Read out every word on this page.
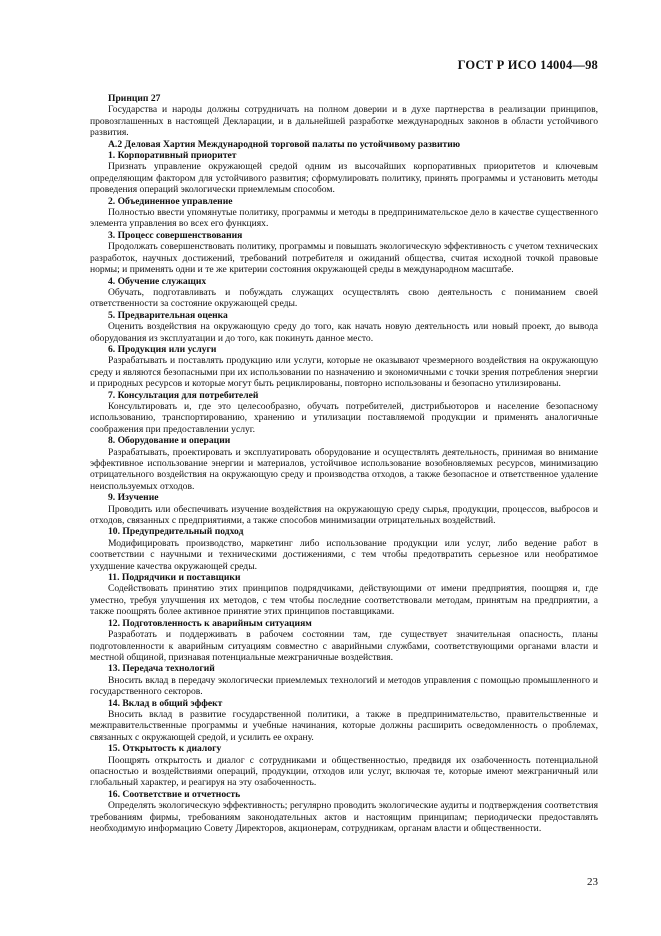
ГОСТ Р ИСО 14004—98

Принцип 27

Государства и народы должны сотрудничать на полном доверии и в духе партнерства в реализации принципов, провозглашенных в настоящей Декларации, и в дальнейшей разработке международных законов в области устойчивого развития.

А.2 Деловая Хартия Международной торговой палаты по устойчивому развитию

1. Корпоративный приоритет

Признать управление окружающей средой одним из высочайших корпоративных приоритетов и ключевым определяющим фактором для устойчивого развития; сформулировать политику, принять программы и установить методы проведения операций экологически приемлемым способом.

2. Объединенное управление

Полностью ввести упомянутые политику, программы и методы в предпринимательское дело в качестве существенного элемента управления во всех его функциях.

3. Процесс совершенствования

Продолжать совершенствовать политику, программы и повышать экологическую эффективность с учетом технических разработок, научных достижений, требований потребителя и ожиданий общества, считая исходной точкой правовые нормы; и применять одни и те же критерии состояния окружающей среды в международном масштабе.

4. Обучение служащих

Обучать, подготавливать и побуждать служащих осуществлять свою деятельность с пониманием своей ответственности за состояние окружающей среды.

5. Предварительная оценка

Оценить воздействия на окружающую среду до того, как начать новую деятельность или новый проект, до вывода оборудования из эксплуатации и до того, как покинуть данное место.

6. Продукция или услуги

Разрабатывать и поставлять продукцию или услуги, которые не оказывают чрезмерного воздействия на окружающую среду и являются безопасными при их использовании по назначению и экономичными с точки зрения потребления энергии и природных ресурсов и которые могут быть рециклированы, повторно использованы и безопасно утилизированы.

7. Консультация для потребителей

Консультировать и, где это целесообразно, обучать потребителей, дистрибьюторов и население безопасному использованию, транспортированию, хранению и утилизации поставляемой продукции и применять аналогичные соображения при предоставлении услуг.

8. Оборудование и операции

Разрабатывать, проектировать и эксплуатировать оборудование и осуществлять деятельность, принимая во внимание эффективное использование энергии и материалов, устойчивое использование возобновляемых ресурсов, минимизацию отрицательного воздействия на окружающую среду и производства отходов, а также безопасное и ответственное удаление неиспользуемых отходов.

9. Изучение

Проводить или обеспечивать изучение воздействия на окружающую среду сырья, продукции, процессов, выбросов и отходов, связанных с предприятиями, а также способов минимизации отрицательных воздействий.

10. Предупредительный подход

Модифицировать производство, маркетинг либо использование продукции или услуг, либо ведение работ в соответствии с научными и техническими достижениями, с тем чтобы предотвратить серьезное или необратимое ухудшение качества окружающей среды.

11. Подрядчики и поставщики

Содействовать принятию этих принципов подрядчиками, действующими от имени предприятия, поощряя и, где уместно, требуя улучшения их методов, с тем чтобы последние соответствовали методам, принятым на предприятии, а также поощрять более активное принятие этих принципов поставщиками.

12. Подготовленность к аварийным ситуациям

Разработать и поддерживать в рабочем состоянии там, где существует значительная опасность, планы подготовленности к аварийным ситуациям совместно с аварийными службами, соответствующими органами власти и местной общиной, признавая потенциальные межграничные воздействия.

13. Передача технологий

Вносить вклад в передачу экологически приемлемых технологий и методов управления с помощью промышленного и государственного секторов.

14. Вклад в общий эффект

Вносить вклад в развитие государственной политики, а также в предпринимательство, правительственные и межправительственные программы и учебные начинания, которые должны расширить осведомленность о проблемах, связанных с окружающей средой, и усилить ее охрану.

15. Открытость к диалогу

Поощрять открытость и диалог с сотрудниками и общественностью, предвидя их озабоченность потенциальной опасностью и воздействиями операций, продукции, отходов или услуг, включая те, которые имеют межграничный или глобальный характер, и реагируя на эту озабоченность.

16. Соответствие и отчетность

Определять экологическую эффективность; регулярно проводить экологические аудиты и подтверждения соответствия требованиям фирмы, требованиям законодательных актов и настоящим принципам; периодически предоставлять необходимую информацию Совету Директоров, акционерам, сотрудникам, органам власти и общественности.

23
